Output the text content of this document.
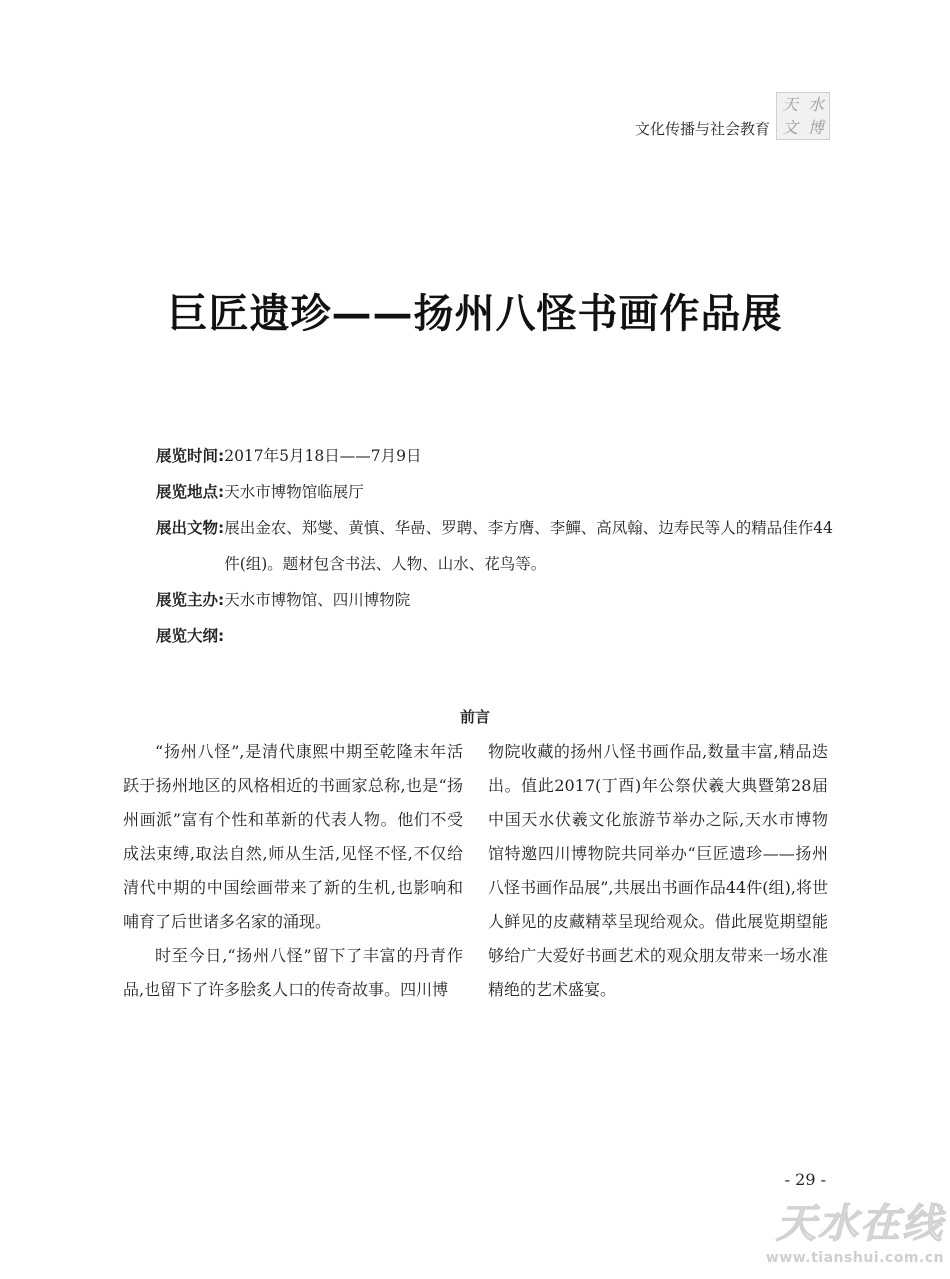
文化传播与社会教育
天 水
文 博
巨匠遗珍——扬州八怪书画作品展
展览时间: 2017年5月18日——7月9日
展览地点: 天水市博物馆临展厅
展出文物: 展出金农、郑燮、黄慎、华喦、罗聘、李方膺、李鱓、高凤翰、边寿民等人的精品佳作44件(组)。题材包含书法、人物、山水、花鸟等。
展览主办: 天水市博物馆、四川博物院
展览大纲:
前言

“扬州八怪”,是清代康熙中期至乾隆末年活跃于扬州地区的风格相近的书画家总称,也是“扬州画派”富有个性和革新的代表人物。他们不受成法束缚,取法自然,师从生活,见怪不怪,不仅给清代中期的中国绘画带来了新的生机,也影响和哺育了后世诸多名家的涌现。

时至今日,“扬州八怪”留下了丰富的丹青作品,也留下了许多脍炙人口的传奇故事。四川博

物院收藏的扬州八怪书画作品,数量丰富,精品迭出。值此2017(丁酉)年公祭伏羲大典暨第28届中国天水伏羲文化旅游节举办之际,天水市博物馆特邀四川博物院共同举办“巨匠遗珍——扬州八怪书画作品展”,共展出书画作品44件(组),将世人鲜见的皮藏精萃呈现给观众。借此展览期望能够给广大爱好书画艺术的观众朋友带来一场水准精绝的艺术盛宴。

- 29 -
天水在线
www.tianshui.com.cn
